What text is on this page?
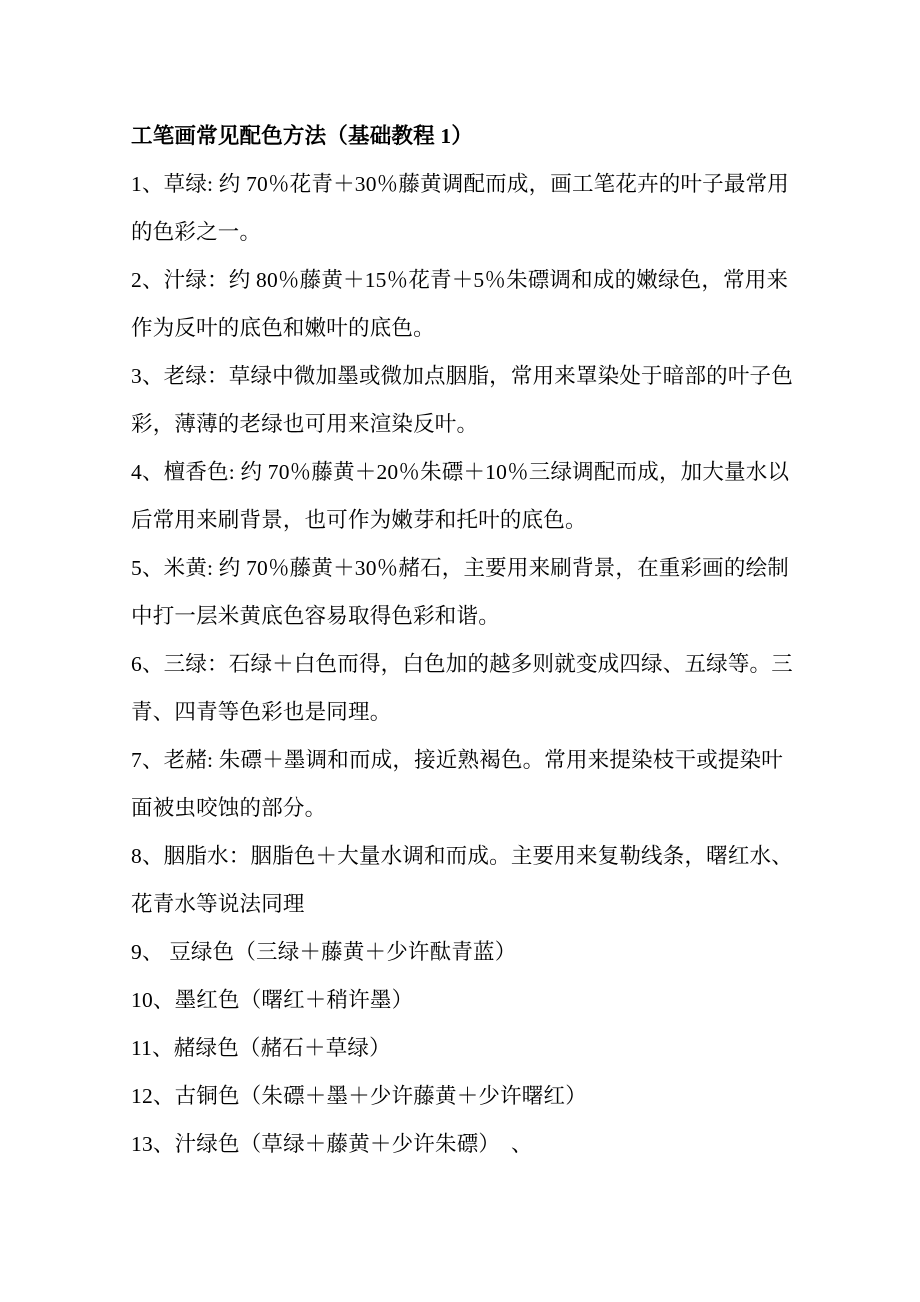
工笔画常见配色方法（基础教程 1）
1、草绿: 约 70％花青＋30％藤黄调配而成，画工笔花卉的叶子最常用
的色彩之一。
2、汁绿：约 80％藤黄＋15％花青＋5％朱磦调和成的嫩绿色，常用来
作为反叶的底色和嫩叶的底色。
3、老绿：草绿中微加墨或微加点胭脂，常用来罩染处于暗部的叶子色
彩，薄薄的老绿也可用来渲染反叶。
4、檀香色: 约 70％藤黄＋20％朱磦＋10％三绿调配而成，加大量水以
后常用来刷背景，也可作为嫩芽和托叶的底色。
5、米黄: 约 70％藤黄＋30％赭石，主要用来刷背景，在重彩画的绘制
中打一层米黄底色容易取得色彩和谐。
6、三绿：石绿＋白色而得，白色加的越多则就变成四绿、五绿等。三
青、四青等色彩也是同理。
7、老赭: 朱磦＋墨调和而成，接近熟褐色。常用来提染枝干或提染叶
面被虫咬蚀的部分。
8、胭脂水：胭脂色＋大量水调和而成。主要用来复勒线条，曙红水、
花青水等说法同理
9、 豆绿色（三绿＋藤黄＋少许酞青蓝）
10、墨红色（曙红＋稍许墨）
11、赭绿色（赭石＋草绿）
12、古铜色（朱磦＋墨＋少许藤黄＋少许曙红）
13、汁绿色（草绿＋藤黄＋少许朱磦）　、
